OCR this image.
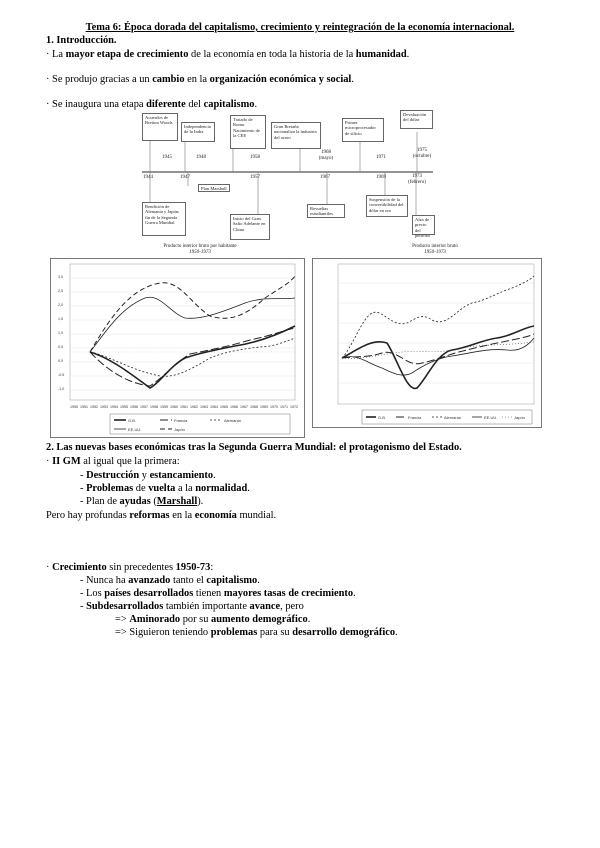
Tema 6: Época dorada del capitalismo, crecimiento y reintegración de la economía internacional.
1. Introducción.
· La mayor etapa de crecimiento de la economía en toda la historia de la humanidad.
· Se produjo gracias a un cambio en la organización económica y social.
· Se inaugura una etapa diferente del capitalismo.
Acuerdos de Bretton Woods
Independencia de la India
Tratado de Roma. Nacimiento de la CEE
Gran Bretaña nacionaliza la industria del acero
Primer microprocesador de silicio
Devaluación del dólar
1945	1948	1958
1968 (mayo)	1971
1975 (octubre)
1944	1947	1957	1967	1969	1973 (febrero)
Rendición de Alemania y Japón; fin de la Segunda Guerra Mundial
Plan Marshall
Inicio del Gran Salto Adelante en China
Revueltas estudiantiles
Suspensión de la convertibilidad del dólar en oro
Alza de precio del petróleo
Producto interior bruto por habitante
1950-1973
3,0
2,5
2,0
1,5
1,0
0,5
0,0
-0,5
-1,0
1950 1951 1952 1953 1954 1955 1956 1957 1958 1959 1960 1961 1962 1963 1964 1965 1966 1967 1968 1969 1970 1971 1972
G.B.	Francia	Alemania
EE.UU.	Japón
Producto interior bruto
1950-1973
G.B.	Francia	Alemania	EE.UU.	Japón
2. Las nuevas bases económicas tras la Segunda Guerra Mundial: el protagonismo del Estado.
· II GM al igual que la primera:
- Destrucción y estancamiento.
- Problemas de vuelta a la normalidad.
- Plan de ayudas (Marshall).
Pero hay profundas reformas en la economía mundial.
· Crecimiento sin precedentes 1950-73:
- Nunca ha avanzado tanto el capitalismo.
- Los países desarrollados tienen mayores tasas de crecimiento.
- Subdesarrollados también importante avance, pero
=> Aminorado por su aumento demográfico.
=> Siguieron teniendo problemas para su desarrollo demográfico.
